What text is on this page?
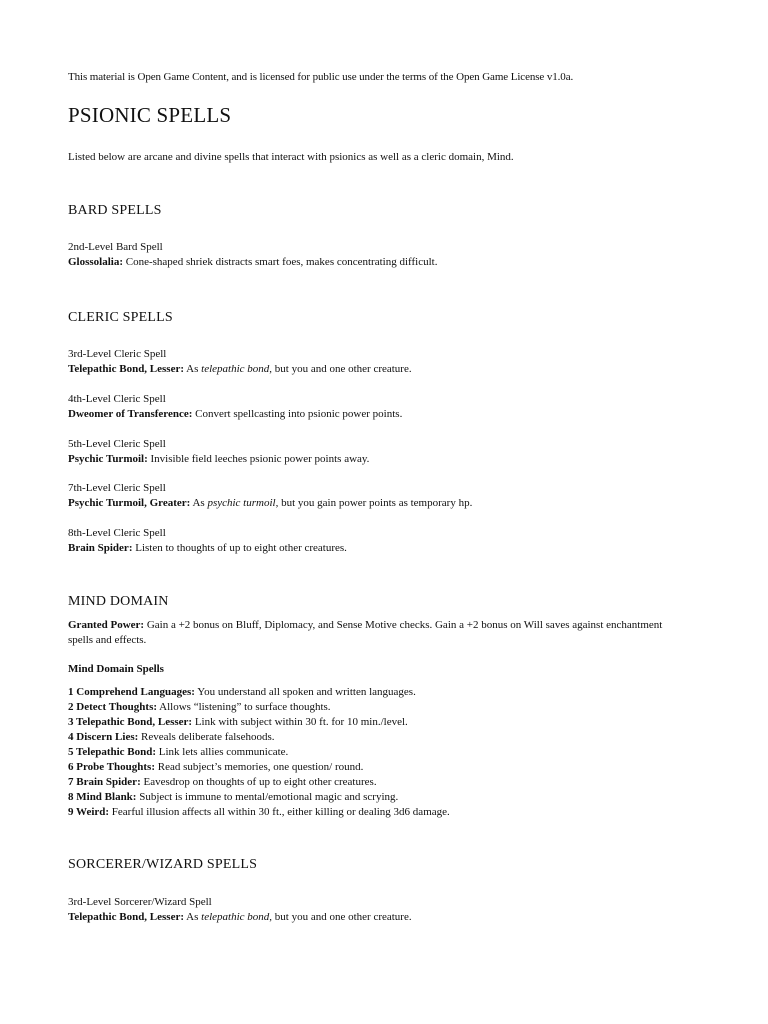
This material is Open Game Content, and is licensed for public use under the terms of the Open Game License v1.0a.
PSIONIC SPELLS
Listed below are arcane and divine spells that interact with psionics as well as a cleric domain, Mind.
BARD SPELLS
2nd-Level Bard Spell
Glossolalia: Cone-shaped shriek distracts smart foes, makes concentrating difficult.
CLERIC SPELLS
3rd-Level Cleric Spell
Telepathic Bond, Lesser: As telepathic bond, but you and one other creature.
4th-Level Cleric Spell
Dweomer of Transference: Convert spellcasting into psionic power points.
5th-Level Cleric Spell
Psychic Turmoil: Invisible field leeches psionic power points away.
7th-Level Cleric Spell
Psychic Turmoil, Greater: As psychic turmoil, but you gain power points as temporary hp.
8th-Level Cleric Spell
Brain Spider: Listen to thoughts of up to eight other creatures.
MIND DOMAIN
Granted Power: Gain a +2 bonus on Bluff, Diplomacy, and Sense Motive checks. Gain a +2 bonus on Will saves against enchantment spells and effects.
Mind Domain Spells
1 Comprehend Languages: You understand all spoken and written languages.
2 Detect Thoughts: Allows “listening” to surface thoughts.
3 Telepathic Bond, Lesser: Link with subject within 30 ft. for 10 min./level.
4 Discern Lies: Reveals deliberate falsehoods.
5 Telepathic Bond: Link lets allies communicate.
6 Probe Thoughts: Read subject’s memories, one question/ round.
7 Brain Spider: Eavesdrop on thoughts of up to eight other creatures.
8 Mind Blank: Subject is immune to mental/emotional magic and scrying.
9 Weird: Fearful illusion affects all within 30 ft., either killing or dealing 3d6 damage.
SORCERER/WIZARD SPELLS
3rd-Level Sorcerer/Wizard Spell
Telepathic Bond, Lesser: As telepathic bond, but you and one other creature.
